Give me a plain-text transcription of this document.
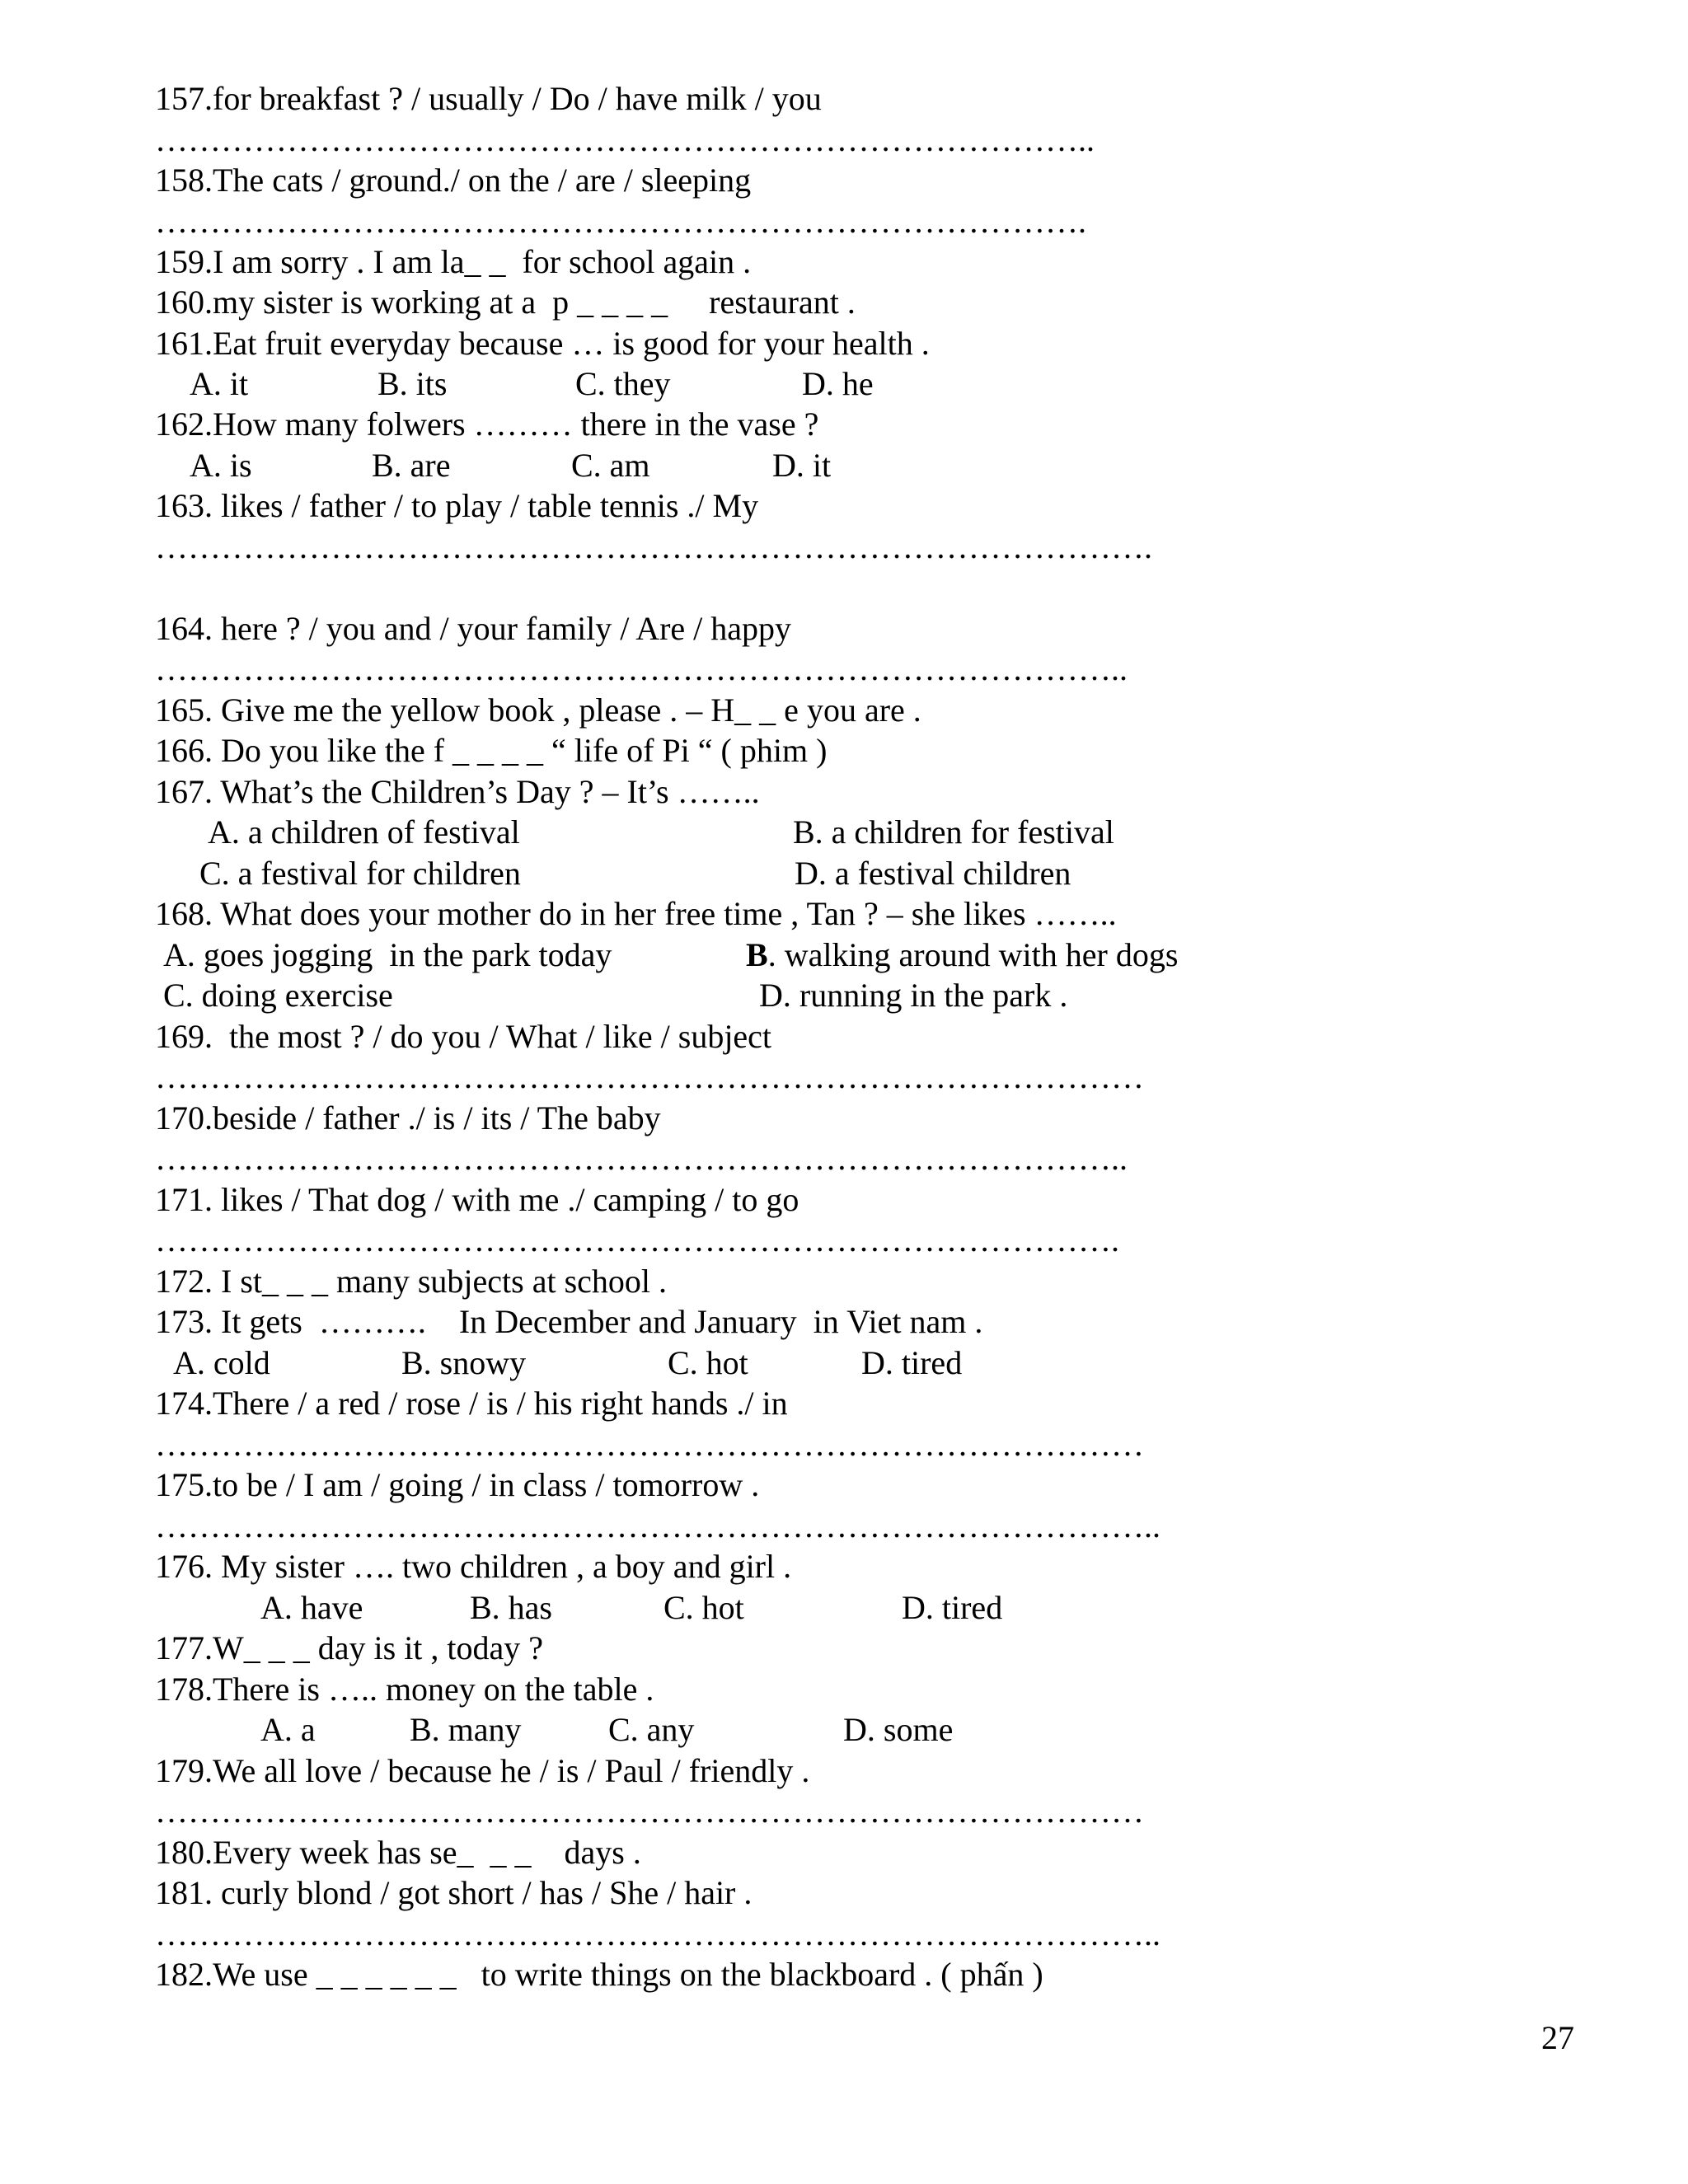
157.for breakfast ? / usually / Do / have milk / you
…………………………………………………………………………..
158.The cats / ground./ on the / are / sleeping
………………………………………………………………………….
159.I am sorry . I am la_ _  for school again .
160.my sister is working at a  p _ _ _ _     restaurant .
161.Eat fruit everyday because … is good for your health .
A. it	B. its	C. they	D. he
162.How many folwers ……… there in the vase ?
A. is	B. are	C. am	D. it
163. likes / father / to play / table tennis ./ My
……………………………………………………………………………….
164. here ? / you and / your family / Are / happy
……………………………………………………………………………..
165. Give me the yellow book , please . – H_ _ e you are .
166. Do you like the f _ _ _ _ “ life of Pi “ ( phim )
167. What’s the Children’s Day ? – It’s ……..
A. a children of festival	B. a children for festival
C. a festival for children	D. a festival children
168. What does your mother do in her free time , Tan ? – she likes ……..
A. goes jogging  in the park today	B. walking around with her dogs
C. doing exercise	D. running in the park .
169.  the most ? / do you / What / like / subject
………………………………………………………………………………
170.beside / father ./ is / its / The baby
……………………………………………………………………………..
171. likes / That dog / with me ./ camping / to go
…………………………………………………………………………….
172. I st_ _ _ many subjects at school .
173. It gets  ……….    In December and January  in Viet nam .
A. cold	B. snowy	C. hot	D. tired
174.There / a red / rose / is / his right hands ./ in
………………………………………………………………………………
175.to be / I am / going / in class / tomorrow .
………………………………………………………………………………..
176. My sister …. two children , a boy and girl .
A. have	B. has	C. hot	D. tired
177.W_ _ _ day is it , today ?
178.There is ….. money on the table .
A. a	B. many	C. any	D. some
179.We all love / because he / is / Paul / friendly .
………………………………………………………………………………
180.Every week has se_  _ _    days .
181. curly blond / got short / has / She / hair .
………………………………………………………………………………..
182.We use _ _ _ _ _ _   to write things on the blackboard . ( phấn )
27
